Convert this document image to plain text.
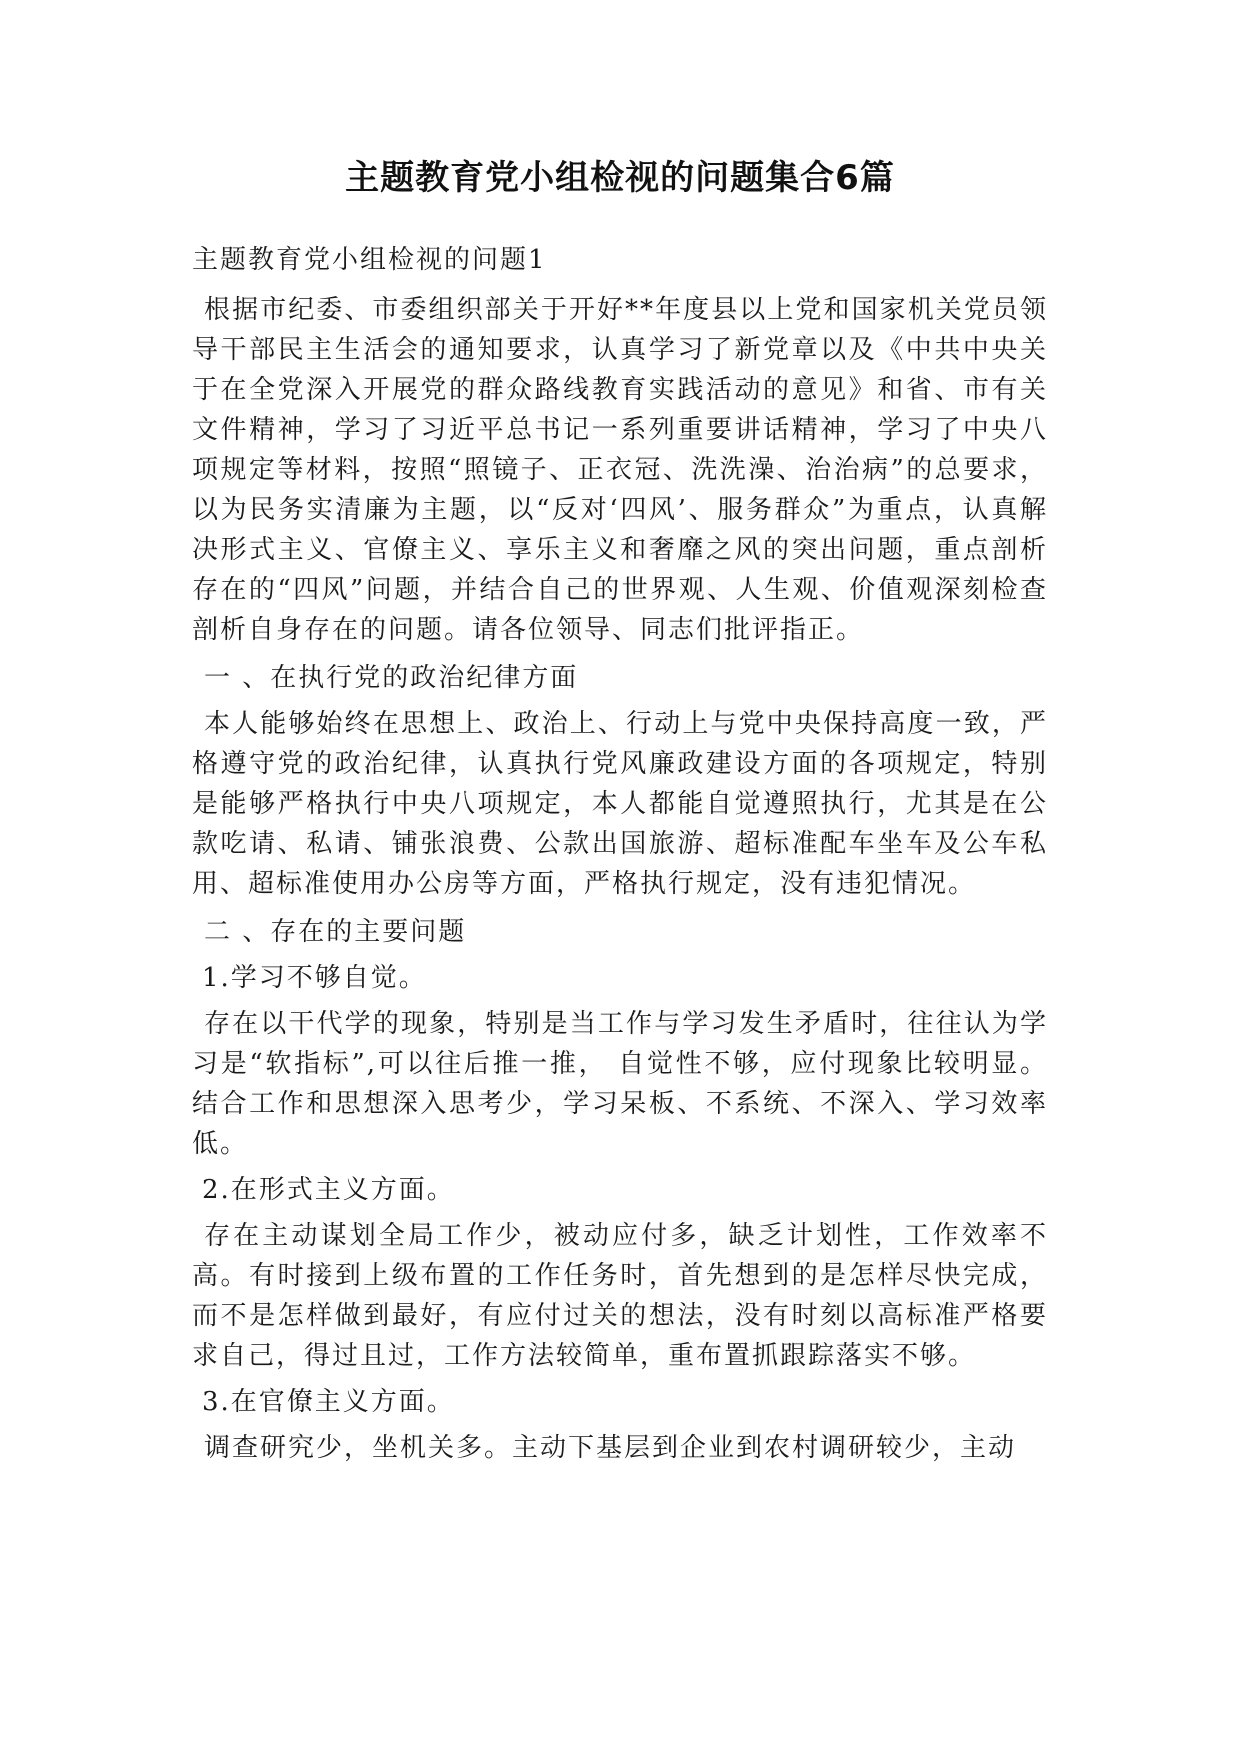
主题教育党小组检视的问题集合6篇

主题教育党小组检视的问题1

根据市纪委、市委组织部关于开好**年度县以上党和国家机关党员领导干部民主生活会的通知要求，认真学习了新党章以及《中共中央关于在全党深入开展党的群众路线教育实践活动的意见》和省、市有关文件精神，学习了习近平总书记一系列重要讲话精神，学习了中央八项规定等材料，按照“照镜子、正衣冠、洗洗澡、治治病”的总要求，以为民务实清廉为主题，以“反对‘四风’、服务群众”为重点，认真解决形式主义、官僚主义、享乐主义和奢靡之风的突出问题，重点剖析存在的“四风”问题，并结合自己的世界观、人生观、价值观深刻检查剖析自身存在的问题。请各位领导、同志们批评指正。

一 、在执行党的政治纪律方面

本人能够始终在思想上、政治上、行动上与党中央保持高度一致，严格遵守党的政治纪律，认真执行党风廉政建设方面的各项规定，特别是能够严格执行中央八项规定，本人都能自觉遵照执行，尤其是在公款吃请、私请、铺张浪费、公款出国旅游、超标准配车坐车及公车私用、超标准使用办公房等方面，严格执行规定，没有违犯情况。

二 、存在的主要问题

1.学习不够自觉。

存在以干代学的现象，特别是当工作与学习发生矛盾时，往往认为学习是“软指标”,可以往后推一推， 自觉性不够，应付现象比较明显。结合工作和思想深入思考少，学习呆板、不系统、不深入、学习效率低。

2.在形式主义方面。

存在主动谋划全局工作少，被动应付多，缺乏计划性，工作效率不高。有时接到上级布置的工作任务时，首先想到的是怎样尽快完成，而不是怎样做到最好，有应付过关的想法，没有时刻以高标准严格要求自己，得过且过，工作方法较简单，重布置抓跟踪落实不够。

3.在官僚主义方面。

调查研究少，坐机关多。主动下基层到企业到农村调研较少，主动
